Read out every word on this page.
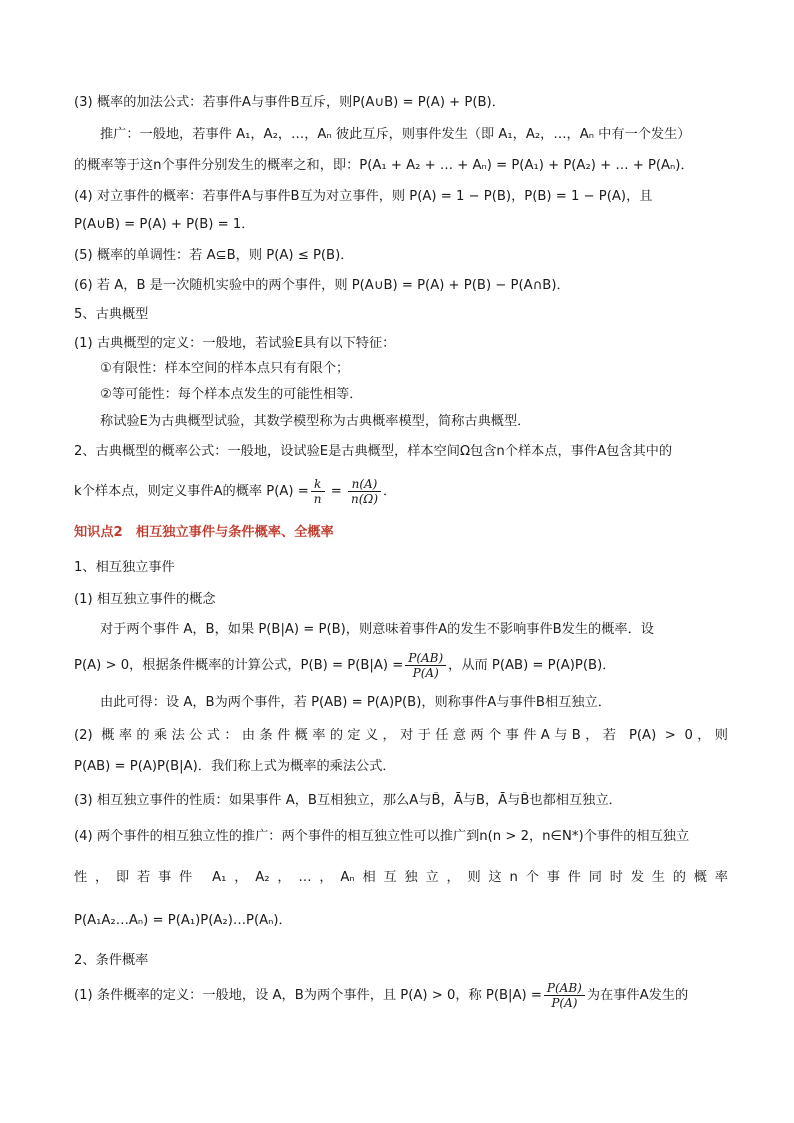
(3) 概率的加法公式：若事件A与事件B互斥，则P(A∪B) = P(A) + P(B)．
推广：一般地，若事件 A₁，A₂，…，Aₙ 彼此互斥，则事件发生（即 A₁，A₂，…，Aₙ 中有一个发生）
的概率等于这n个事件分别发生的概率之和，即：P(A₁ + A₂ + … + Aₙ) = P(A₁) + P(A₂) + … + P(Aₙ)．
(4) 对立事件的概率：若事件A与事件B互为对立事件，则 P(A) = 1 − P(B)，P(B) = 1 − P(A)，且
P(A∪B) = P(A) + P(B) = 1．
(5) 概率的单调性：若 A⊆B，则 P(A) ≤ P(B)．
(6) 若 A，B 是一次随机实验中的两个事件，则 P(A∪B) = P(A) + P(B) − P(A∩B)．
5、古典概型
(1) 古典概型的定义：一般地，若试验E具有以下特征：
①有限性：样本空间的样本点只有有限个；
②等可能性：每个样本点发生的可能性相等．
称试验E为古典概型试验，其数学模型称为古典概率模型，简称古典概型．
2、古典概型的概率公式：一般地，设试验E是古典概型，样本空间Ω包含n个样本点，事件A包含其中的
k个样本点，则定义事件A的概率 $P(A) = \frac{k}{n} = \frac{n(A)}{n(\Omega)}$ ．
知识点2　相互独立事件与条件概率、全概率
1、相互独立事件
(1) 相互独立事件的概念
对于两个事件 A，B，如果 P(B|A) = P(B)，则意味着事件A的发生不影响事件B发生的概率．设
P(A) > 0，根据条件概率的计算公式，$P(B) = P(B|A) = \frac{P(AB)}{P(A)}$ ，从而 P(AB) = P(A)P(B)．
由此可得：设 A，B为两个事件，若 P(AB) = P(A)P(B)，则称事件A与事件B相互独立．
(2) 概率的乘法公式：由条件概率的定义，对于任意两个事件A与B，若 P(A) > 0，则
P(AB) = P(A)P(B|A)．我们称上式为概率的乘法公式．
(3) 相互独立事件的性质：如果事件 A，B互相独立，那么A与B̄，Ā与B，Ā与B̄也都相互独立．
(4) 两个事件的相互独立性的推广：两个事件的相互独立性可以推广到n(n > 2，n∈N*)个事件的相互独立
性，即若事件 A₁，A₂，…，Aₙ相互独立，则这n个事件同时发生的概率
P(A₁A₂…Aₙ) = P(A₁)P(A₂)…P(Aₙ)．
2、条件概率
(1) 条件概率的定义：一般地，设 A，B为两个事件，且 P(A) > 0，称 $P(B|A) = \frac{P(AB)}{P(A)}$ 为在事件A发生的
